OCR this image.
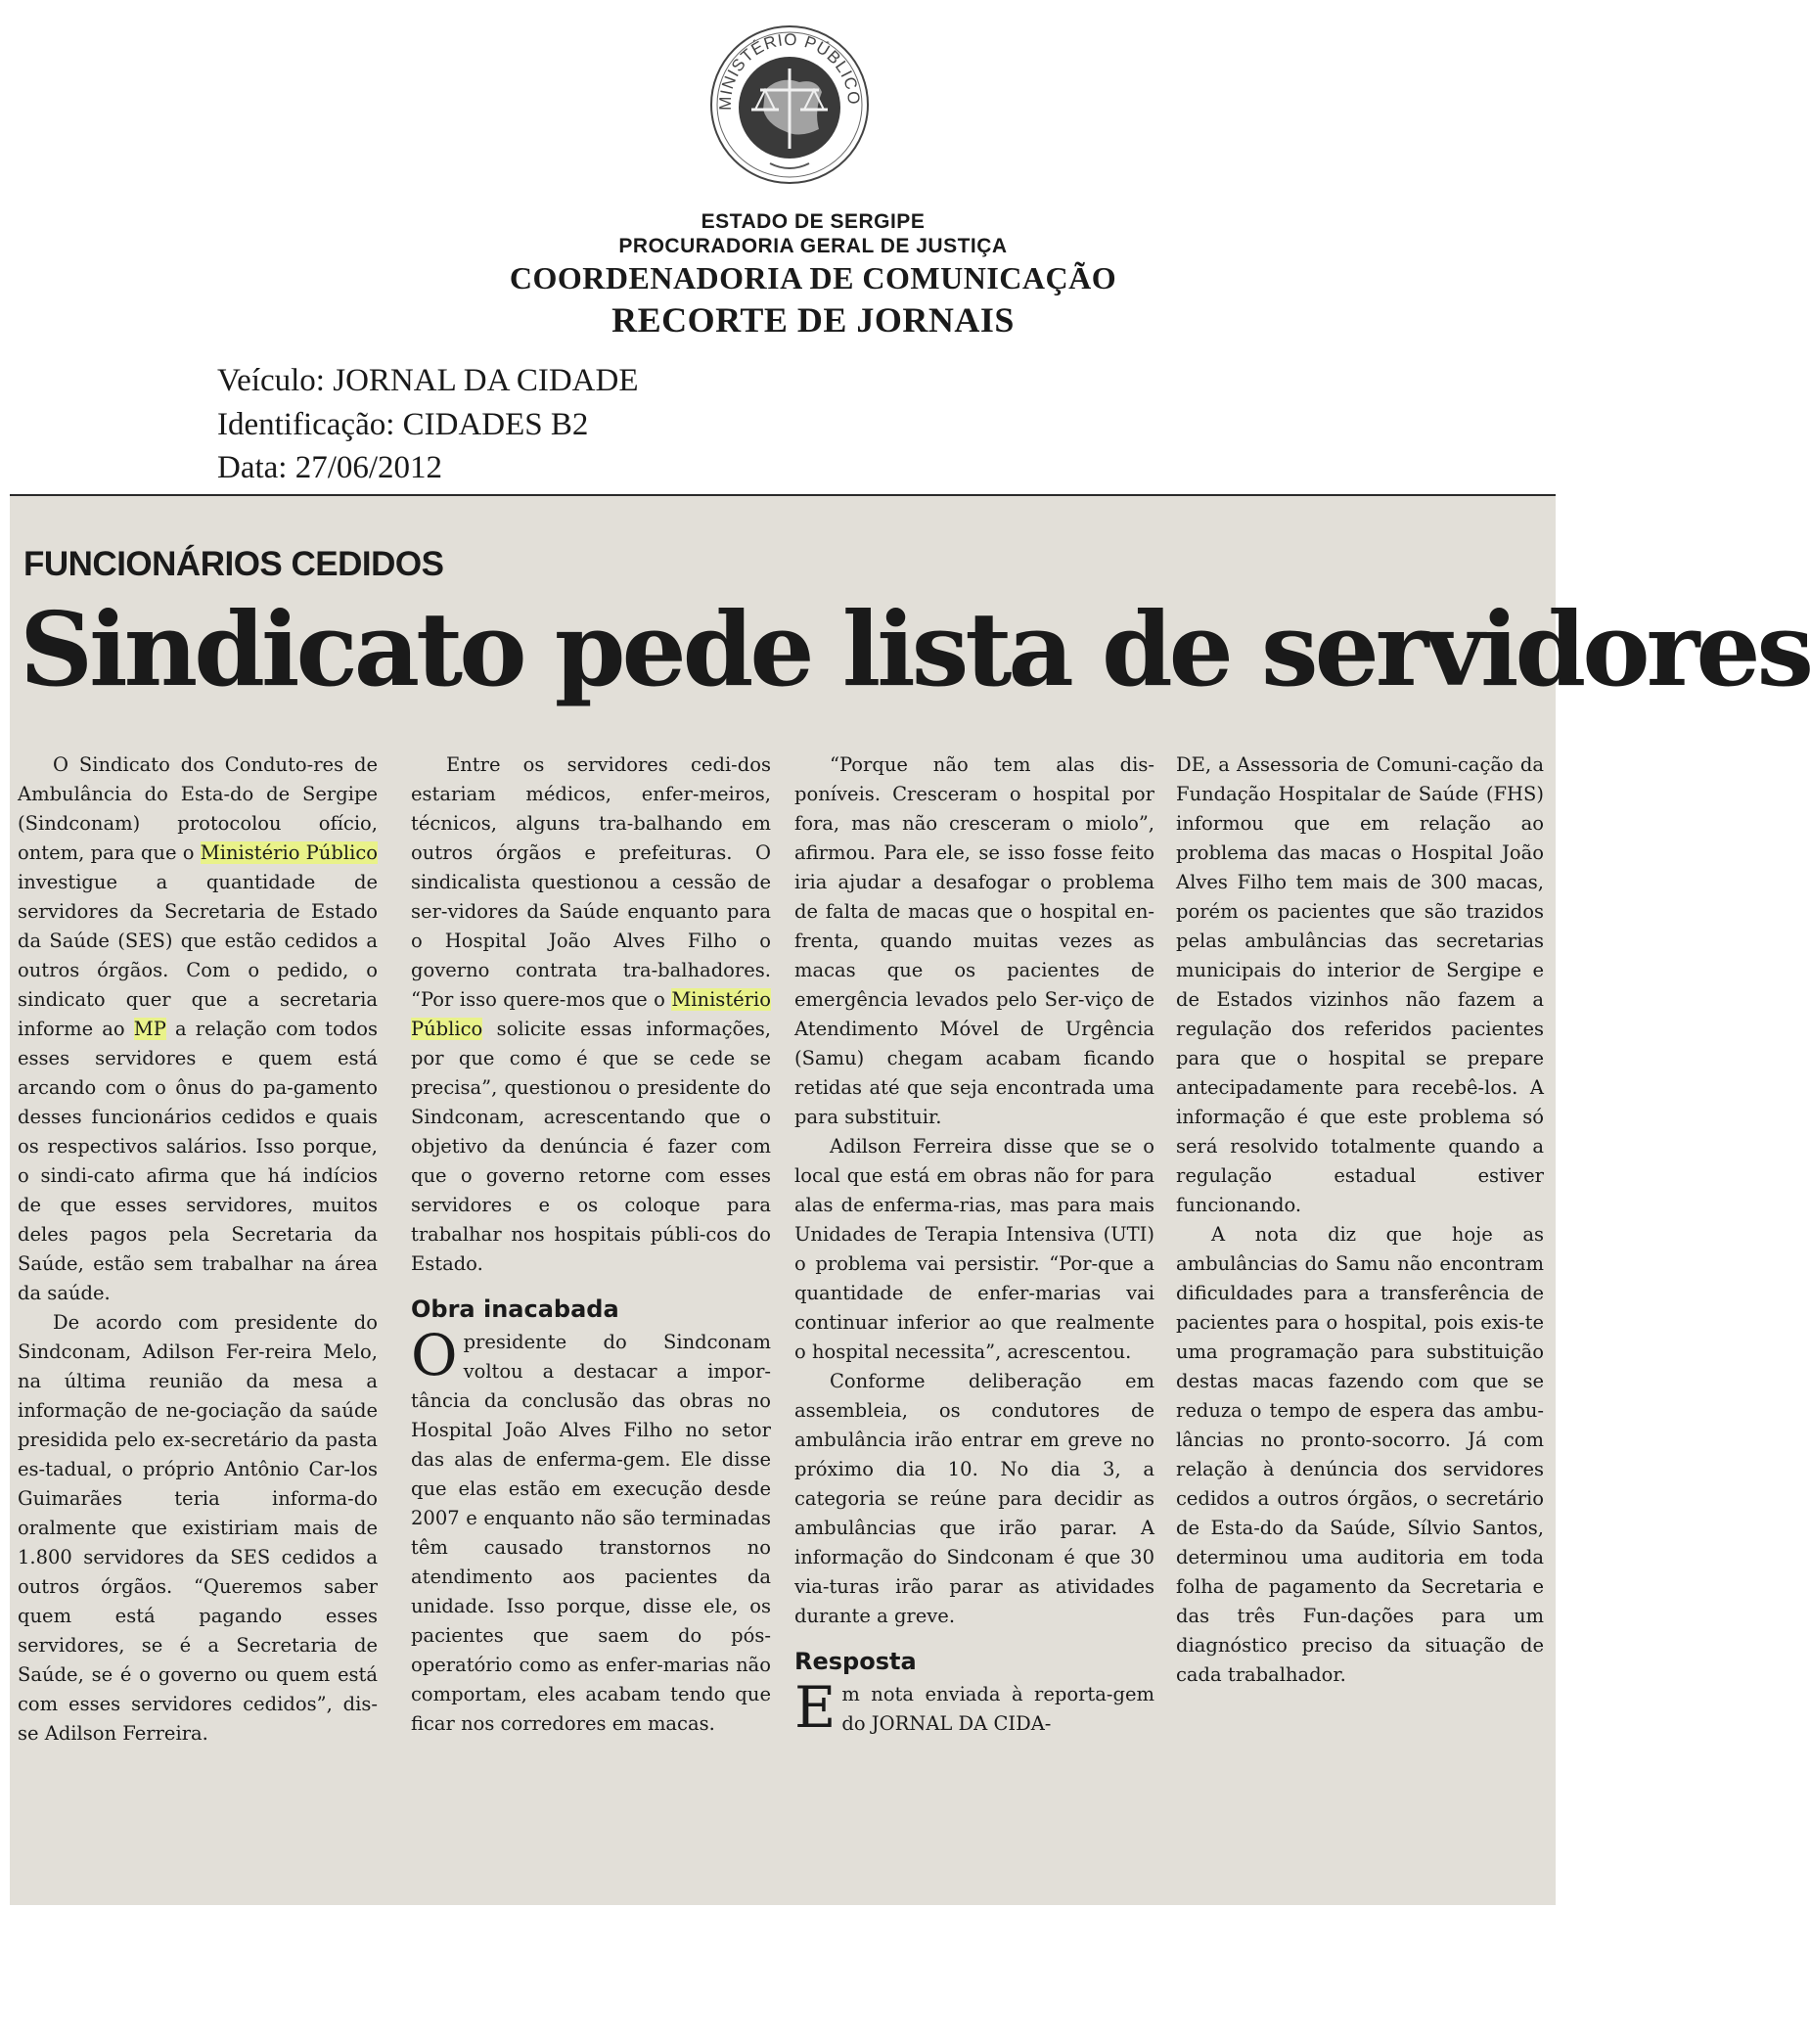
MINISTÉRIO PÚBLICO

ESTADO DE SERGIPE

PROCURADORIA GERAL DE JUSTIÇA

COORDENADORIA DE COMUNICAÇÃO

RECORTE DE JORNAIS

Veículo: JORNAL DA CIDADE

Identificação: CIDADES B2

Data: 27/06/2012

FUNCIONÁRIOS CEDIDOS

Sindicato pede lista de servidores

O Sindicato dos Conduto-res de Ambulância do Esta-do de Sergipe (Sindconam) protocolou ofício, ontem, para que o Ministério Público investigue a quantidade de servidores da Secretaria de Estado da Saúde (SES) que estão cedidos a outros órgãos. Com o pedido, o sindicato quer que a secretaria informe ao MP a relação com todos esses servidores e quem está arcando com o ônus do pa-gamento desses funcionários cedidos e quais os respectivos salários. Isso porque, o sindi-cato afirma que há indícios de que esses servidores, muitos deles pagos pela Secretaria da Saúde, estão sem trabalhar na área da saúde.

De acordo com presidente do Sindconam, Adilson Fer-reira Melo, na última reunião da mesa a informação de ne-gociação da saúde presidida pelo ex-secretário da pasta es-tadual, o próprio Antônio Car-los Guimarães teria informa-do oralmente que existiriam mais de 1.800 servidores da SES cedidos a outros órgãos. “Queremos saber quem está pagando esses servidores, se é a Secretaria de Saúde, se é o governo ou quem está com esses servidores cedidos”, dis-se Adilson Ferreira.

Entre os servidores cedi-dos estariam médicos, enfer-meiros, técnicos, alguns tra-balhando em outros órgãos e prefeituras. O sindicalista questionou a cessão de ser-vidores da Saúde enquanto para o Hospital João Alves Filho o governo contrata tra-balhadores. “Por isso quere-mos que o Ministério Público solicite essas informações, por que como é que se cede se precisa”, questionou o presidente do Sindconam, acrescentando que o objetivo da denúncia é fazer com que o governo retorne com esses servidores e os coloque para trabalhar nos hospitais públi-cos do Estado.

Obra inacabada

O presidente do Sindconam voltou a destacar a impor-tância da conclusão das obras no Hospital João Alves Filho no setor das alas de enferma-gem. Ele disse que elas estão em execução desde 2007 e enquanto não são terminadas têm causado transtornos no atendimento aos pacientes da unidade. Isso porque, disse ele, os pacientes que saem do pós-operatório como as enfer-marias não comportam, eles acabam tendo que ficar nos corredores em macas.

“Porque não tem alas dis-poníveis. Cresceram o hospital por fora, mas não cresceram o miolo”, afirmou. Para ele, se isso fosse feito iria ajudar a desafogar o problema de falta de macas que o hospital en-frenta, quando muitas vezes as macas que os pacientes de emergência levados pelo Ser-viço de Atendimento Móvel de Urgência (Samu) chegam acabam ficando retidas até que seja encontrada uma para substituir.

Adilson Ferreira disse que se o local que está em obras não for para alas de enferma-rias, mas para mais Unidades de Terapia Intensiva (UTI) o problema vai persistir. “Por-que a quantidade de enfer-marias vai continuar inferior ao que realmente o hospital necessita”, acrescentou.

Conforme deliberação em assembleia, os condutores de ambulância irão entrar em greve no próximo dia 10. No dia 3, a categoria se reúne para decidir as ambulâncias que irão parar. A informação do Sindconam é que 30 via-turas irão parar as atividades durante a greve.

Resposta

Em nota enviada à reporta-gem do JORNAL DA CIDA-

DE, a Assessoria de Comuni-cação da Fundação Hospitalar de Saúde (FHS) informou que em relação ao problema das macas o Hospital João Alves Filho tem mais de 300 macas, porém os pacientes que são trazidos pelas ambulâncias das secretarias municipais do interior de Sergipe e de Estados vizinhos não fazem a regulação dos referidos pacientes para que o hospital se prepare antecipadamente para recebê-los. A informação é que este problema só será resolvido totalmente quando a regulação estadual estiver funcionando.

A nota diz que hoje as ambulâncias do Samu não encontram dificuldades para a transferência de pacientes para o hospital, pois exis-te uma programação para substituição destas macas fazendo com que se reduza o tempo de espera das ambu-lâncias no pronto-socorro. Já com relação à denúncia dos servidores cedidos a outros órgãos, o secretário de Esta-do da Saúde, Sílvio Santos, determinou uma auditoria em toda folha de pagamento da Secretaria e das três Fun-dações para um diagnóstico preciso da situação de cada trabalhador.
